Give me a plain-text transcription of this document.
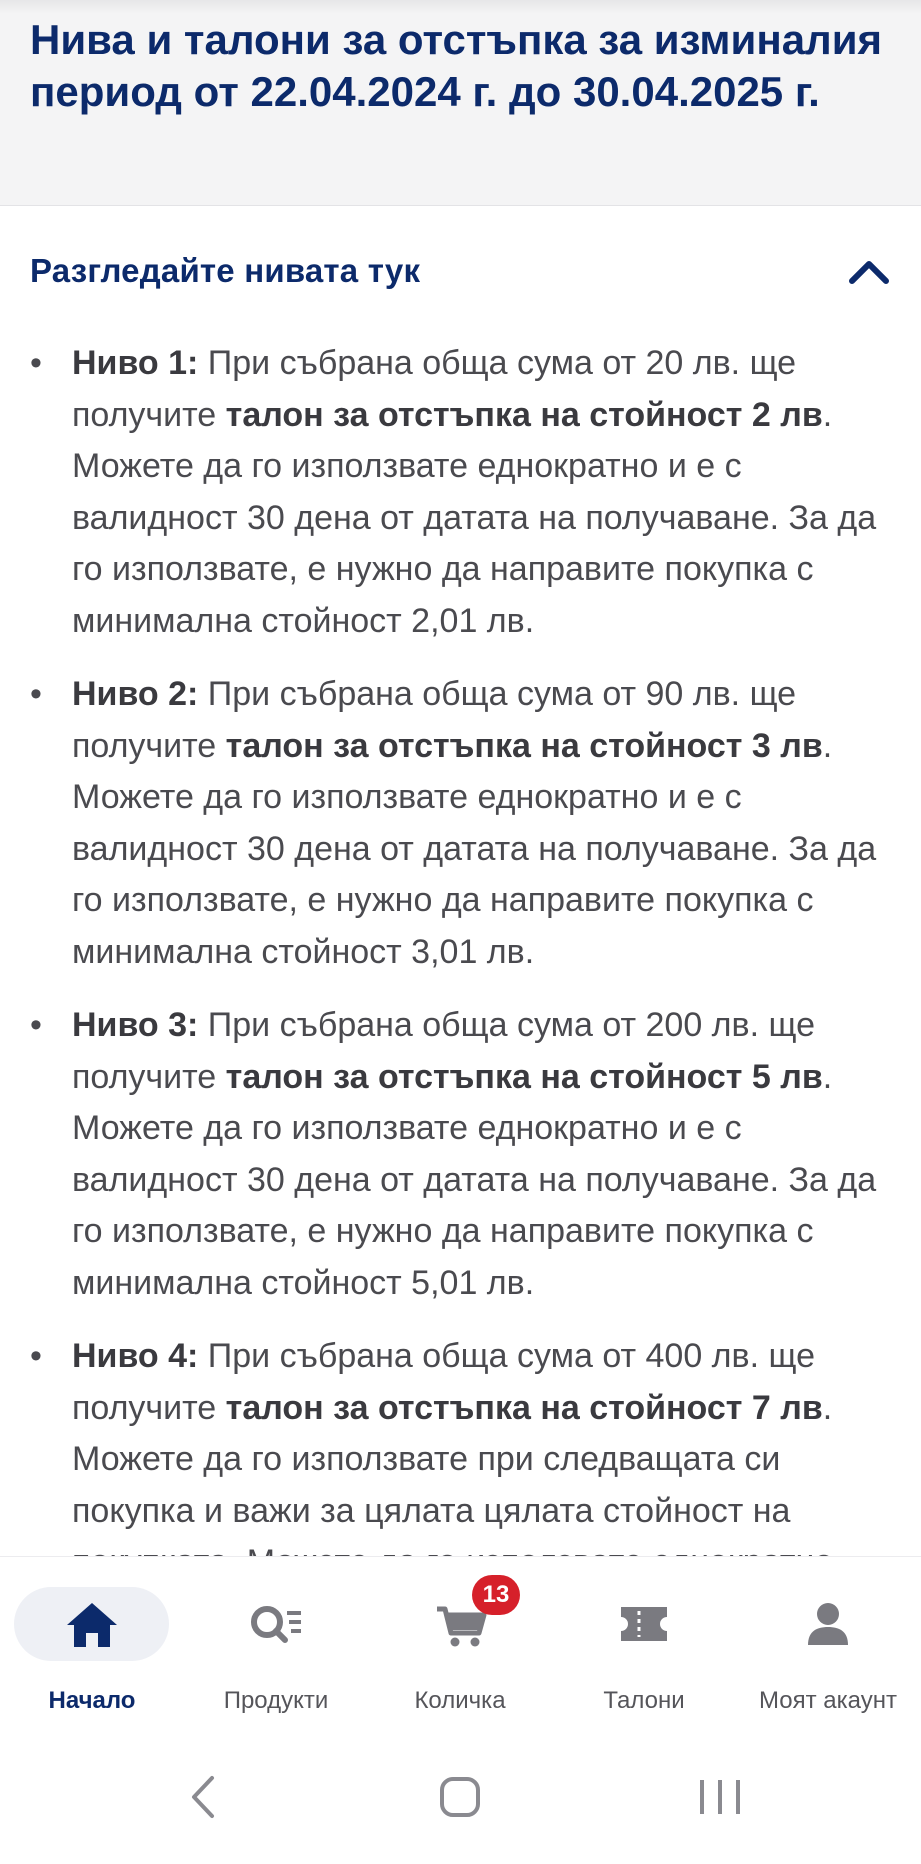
Нива и талони за отстъпка за изминалия период от 22.04.2024 г. до 30.04.2025 г.
Разгледайте нивата тук
• Ниво 1: При събрана обща сума от 20 лв. ще получите талон за отстъпка на стойност 2 лв. Можете да го използвате еднократно и е с валидност 30 дена от датата на получаване. За да го използвате, е нужно да направите покупка с минимална стойност 2,01 лв.
• Ниво 2: При събрана обща сума от 90 лв. ще получите талон за отстъпка на стойност 3 лв. Можете да го използвате еднократно и е с валидност 30 дена от датата на получаване. За да го използвате, е нужно да направите покупка с минимална стойност 3,01 лв.
• Ниво 3: При събрана обща сума от 200 лв. ще получите талон за отстъпка на стойност 5 лв. Можете да го използвате еднократно и е с валидност 30 дена от датата на получаване. За да го използвате, е нужно да направите покупка с минимална стойност 5,01 лв.
• Ниво 4: При събрана обща сума от 400 лв. ще получите талон за отстъпка на стойност 7 лв. Можете да го използвате при следващата си покупка и важи за цялата цялата стойност на
Начало	Продукти
13
Количка	Талони	Моят акаунт
